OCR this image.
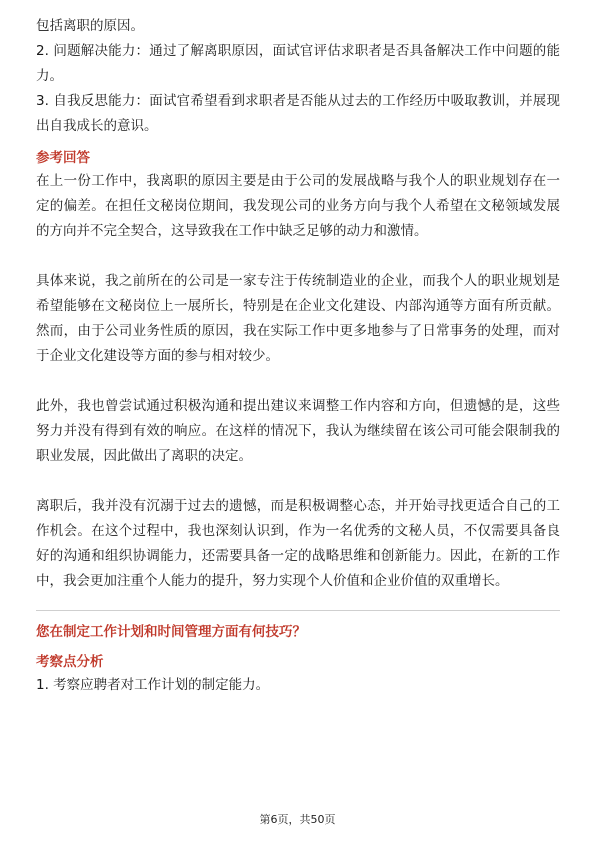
包括离职的原因。

2. 问题解决能力：通过了解离职原因，面试官评估求职者是否具备解决工作中问题的能力。

3. 自我反思能力：面试官希望看到求职者是否能从过去的工作经历中吸取教训，并展现出自我成长的意识。

参考回答

在上一份工作中，我离职的原因主要是由于公司的发展战略与我个人的职业规划存在一定的偏差。在担任文秘岗位期间，我发现公司的业务方向与我个人希望在文秘领域发展的方向并不完全契合，这导致我在工作中缺乏足够的动力和激情。

具体来说，我之前所在的公司是一家专注于传统制造业的企业，而我个人的职业规划是希望能够在文秘岗位上一展所长，特别是在企业文化建设、内部沟通等方面有所贡献。然而，由于公司业务性质的原因，我在实际工作中更多地参与了日常事务的处理，而对于企业文化建设等方面的参与相对较少。

此外，我也曾尝试通过积极沟通和提出建议来调整工作内容和方向，但遗憾的是，这些努力并没有得到有效的响应。在这样的情况下，我认为继续留在该公司可能会限制我的职业发展，因此做出了离职的决定。

离职后，我并没有沉溺于过去的遗憾，而是积极调整心态，并开始寻找更适合自己的工作机会。在这个过程中，我也深刻认识到，作为一名优秀的文秘人员，不仅需要具备良好的沟通和组织协调能力，还需要具备一定的战略思维和创新能力。因此，在新的工作中，我会更加注重个人能力的提升，努力实现个人价值和企业价值的双重增长。

您在制定工作计划和时间管理方面有何技巧？

考察点分析

1. 考察应聘者对工作计划的制定能力。

第6页，共50页
